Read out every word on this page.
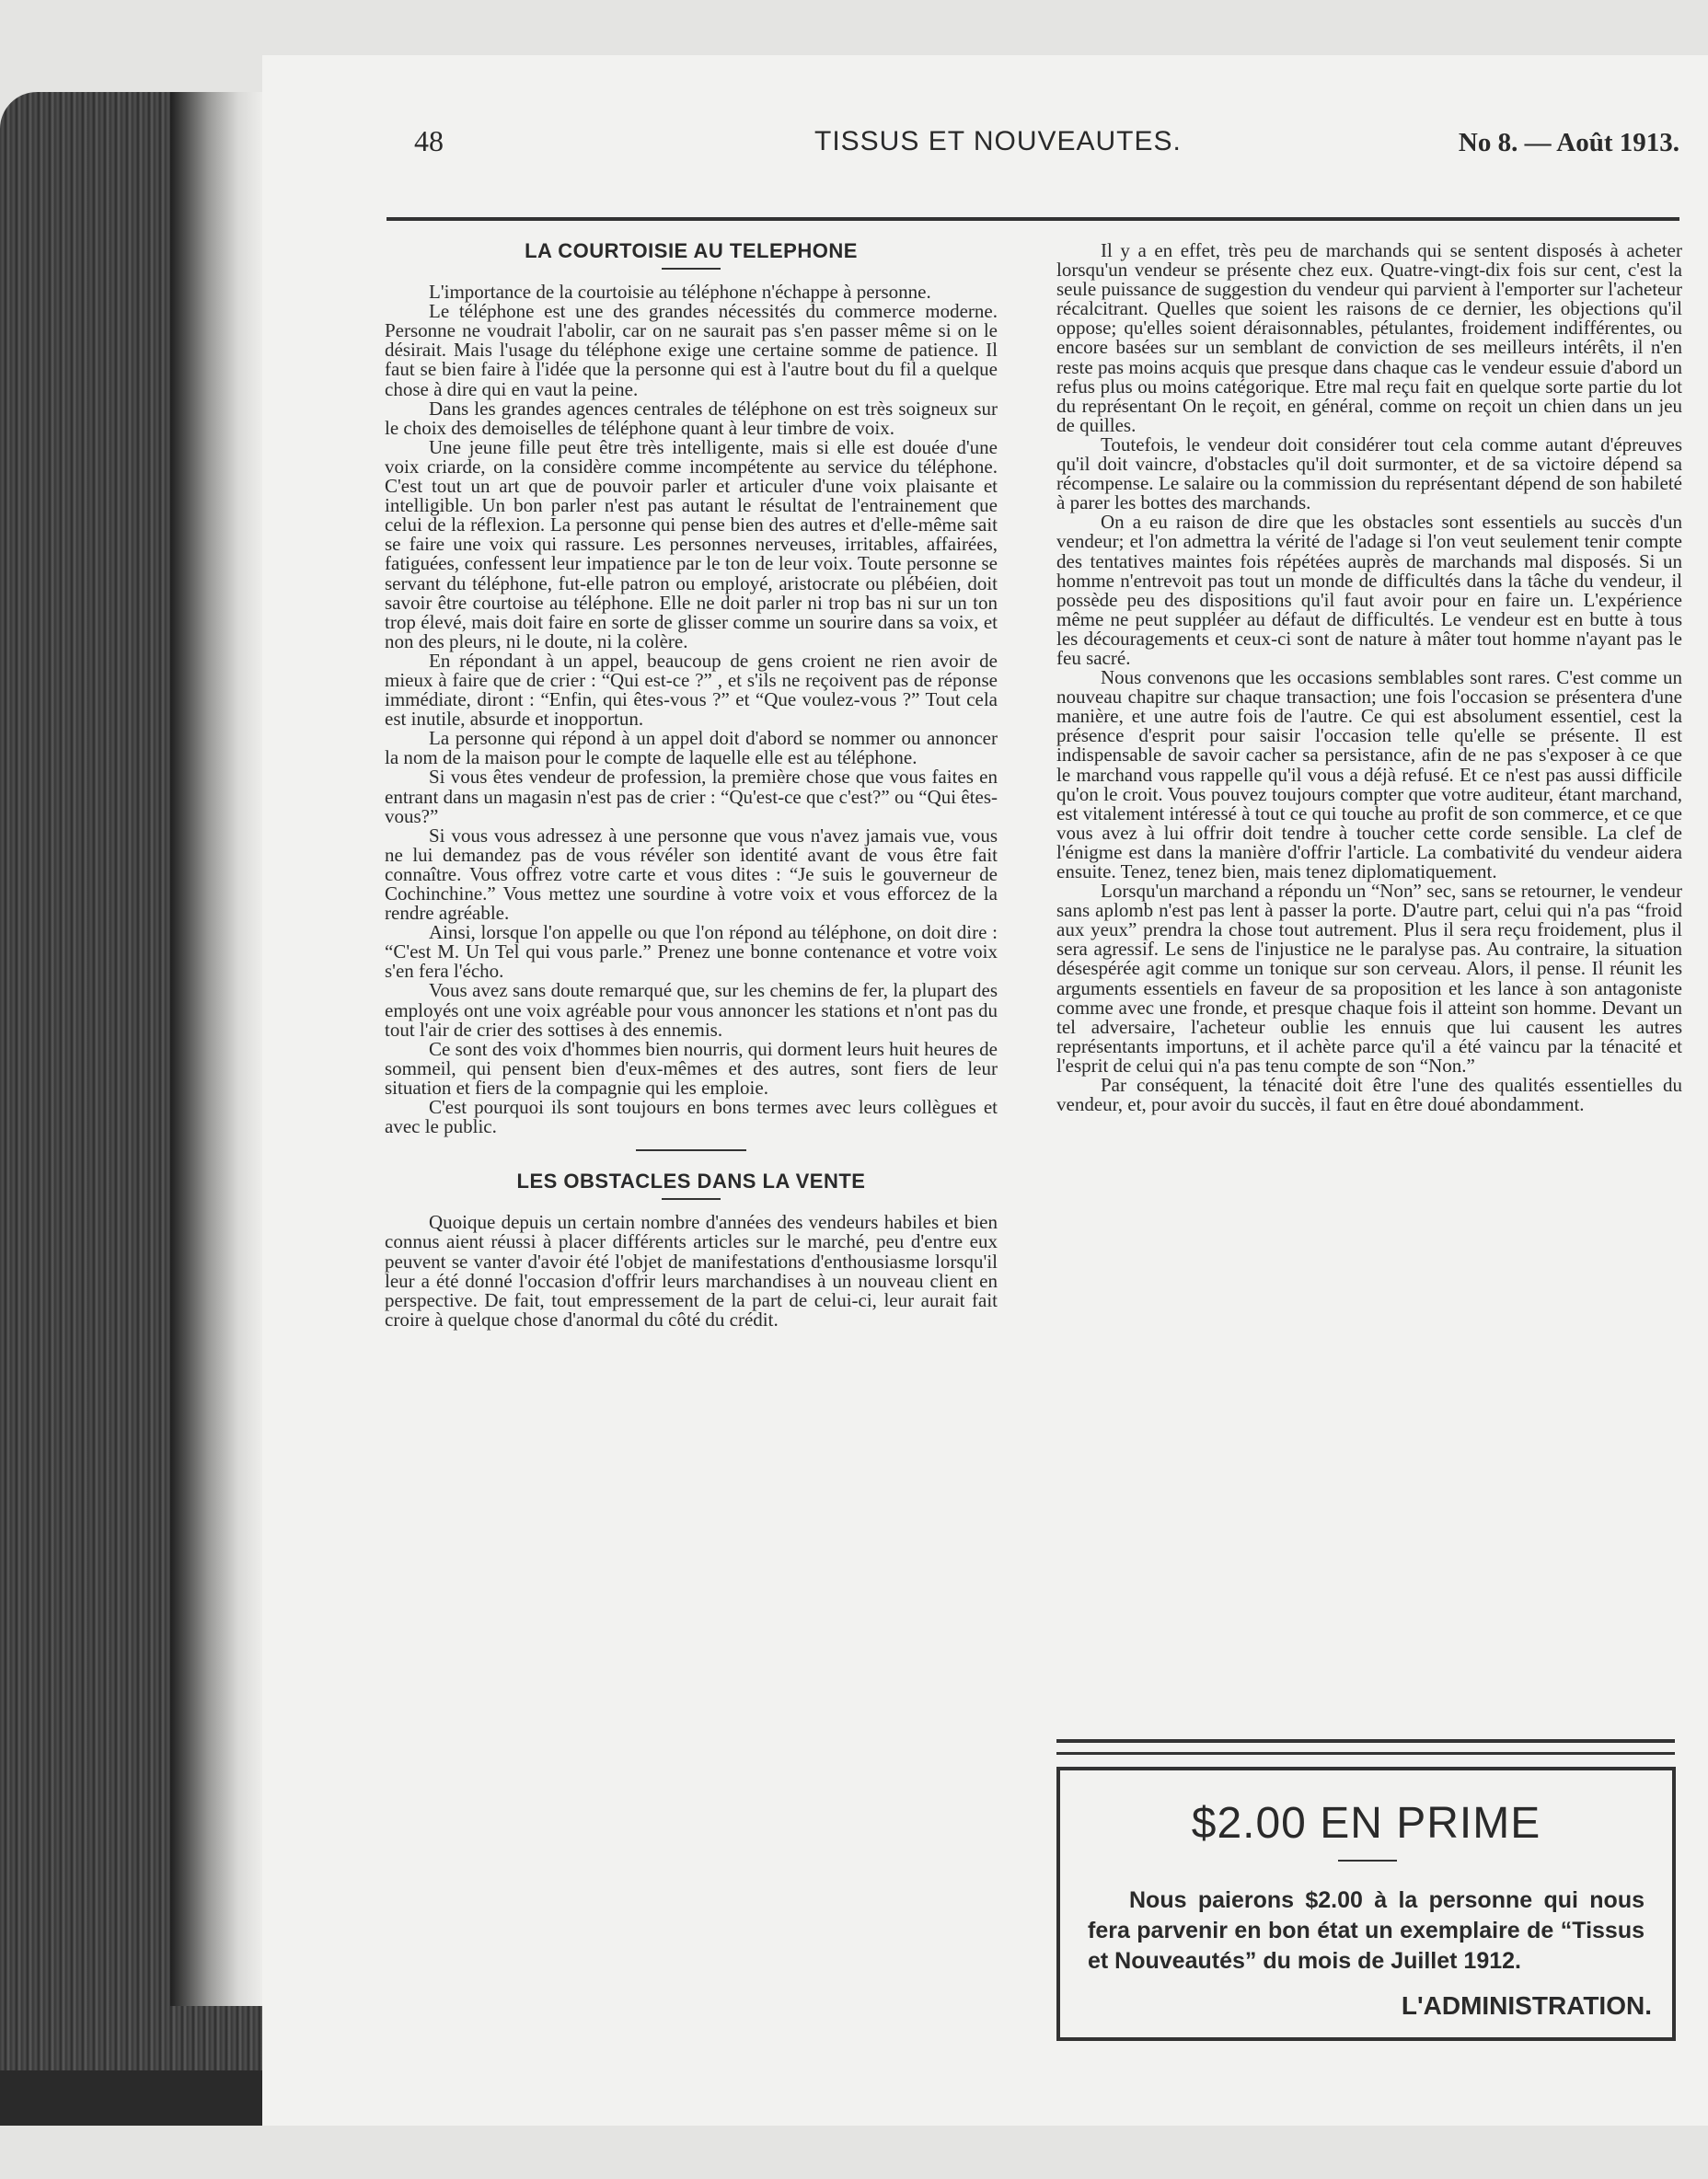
48	TISSUS ET NOUVEAUTES.	No 8. — Août 1913.
LA COURTOISIE AU TELEPHONE

L'importance de la courtoisie au téléphone n'échappe à personne.

Le téléphone est une des grandes nécessités du commerce moderne. Personne ne voudrait l'abolir, car on ne saurait pas s'en passer même si on le désirait. Mais l'usage du téléphone exige une certaine somme de patience. Il faut se bien faire à l'idée que la personne qui est à l'autre bout du fil a quelque chose à dire qui en vaut la peine.

Dans les grandes agences centrales de téléphone on est très soigneux sur le choix des demoiselles de téléphone quant à leur timbre de voix.

Une jeune fille peut être très intelligente, mais si elle est douée d'une voix criarde, on la considère comme incompétente au service du téléphone. C'est tout un art que de pouvoir parler et articuler d'une voix plaisante et intelligible. Un bon parler n'est pas autant le résultat de l'entrainement que celui de la réflexion. La personne qui pense bien des autres et d'elle-même sait se faire une voix qui rassure. Les personnes nerveuses, irritables, affairées, fatiguées, confessent leur impatience par le ton de leur voix. Toute personne se servant du téléphone, fut-elle patron ou employé, aristocrate ou plébéien, doit savoir être courtoise au téléphone. Elle ne doit parler ni trop bas ni sur un ton trop élevé, mais doit faire en sorte de glisser comme un sourire dans sa voix, et non des pleurs, ni le doute, ni la colère.

En répondant à un appel, beaucoup de gens croient ne rien avoir de mieux à faire que de crier : “Qui est-ce ?” , et s'ils ne reçoivent pas de réponse immédiate, diront : “Enfin, qui êtes-vous ?” et “Que voulez-vous ?” Tout cela est inutile, absurde et inopportun.

La personne qui répond à un appel doit d'abord se nommer ou annoncer la nom de la maison pour le compte de laquelle elle est au téléphone.

Si vous êtes vendeur de profession, la première chose que vous faites en entrant dans un magasin n'est pas de crier : “Qu'est-ce que c'est?” ou “Qui êtes-vous?”

Si vous vous adressez à une personne que vous n'avez jamais vue, vous ne lui demandez pas de vous révéler son identité avant de vous être fait connaître. Vous offrez votre carte et vous dites : “Je suis le gouverneur de Cochinchine.” Vous mettez une sourdine à votre voix et vous efforcez de la rendre agréable.

Ainsi, lorsque l'on appelle ou que l'on répond au téléphone, on doit dire : “C'est M. Un Tel qui vous parle.” Prenez une bonne contenance et votre voix s'en fera l'écho.

Vous avez sans doute remarqué que, sur les chemins de fer, la plupart des employés ont une voix agréable pour vous annoncer les stations et n'ont pas du tout l'air de crier des sottises à des ennemis.

Ce sont des voix d'hommes bien nourris, qui dorment leurs huit heures de sommeil, qui pensent bien d'eux-mêmes et des autres, sont fiers de leur situation et fiers de la compagnie qui les emploie.

C'est pourquoi ils sont toujours en bons termes avec leurs collègues et avec le public.

LES OBSTACLES DANS LA VENTE

Quoique depuis un certain nombre d'années des vendeurs habiles et bien connus aient réussi à placer différents articles sur le marché, peu d'entre eux peuvent se vanter d'avoir été l'objet de manifestations d'enthousiasme lorsqu'il leur a été donné l'occasion d'offrir leurs marchandises à un nouveau client en perspective. De fait, tout empressement de la part de celui-ci, leur aurait fait croire à quelque chose d'anormal du côté du crédit.

Il y a en effet, très peu de marchands qui se sentent disposés à acheter lorsqu'un vendeur se présente chez eux. Quatre-vingt-dix fois sur cent, c'est la seule puissance de suggestion du vendeur qui parvient à l'emporter sur l'acheteur récalcitrant. Quelles que soient les raisons de ce dernier, les objections qu'il oppose; qu'elles soient déraisonnables, pétulantes, froidement indifférentes, ou encore basées sur un semblant de conviction de ses meilleurs intérêts, il n'en reste pas moins acquis que presque dans chaque cas le vendeur essuie d'abord un refus plus ou moins catégorique. Etre mal reçu fait en quelque sorte partie du lot du représentant On le reçoit, en général, comme on reçoit un chien dans un jeu de quilles.

Toutefois, le vendeur doit considérer tout cela comme autant d'épreuves qu'il doit vaincre, d'obstacles qu'il doit surmonter, et de sa victoire dépend sa récompense. Le salaire ou la commission du représentant dépend de son habileté à parer les bottes des marchands.

On a eu raison de dire que les obstacles sont essentiels au succès d'un vendeur; et l'on admettra la vérité de l'adage si l'on veut seulement tenir compte des tentatives maintes fois répétées auprès de marchands mal disposés. Si un homme n'entrevoit pas tout un monde de difficultés dans la tâche du vendeur, il possède peu des dispositions qu'il faut avoir pour en faire un. L'expérience même ne peut suppléer au défaut de difficultés. Le vendeur est en butte à tous les découragements et ceux-ci sont de nature à mâter tout homme n'ayant pas le feu sacré.

Nous convenons que les occasions semblables sont rares. C'est comme un nouveau chapitre sur chaque transaction; une fois l'occasion se présentera d'une manière, et une autre fois de l'autre. Ce qui est absolument essentiel, cest la présence d'esprit pour saisir l'occasion telle qu'elle se présente. Il est indispensable de savoir cacher sa persistance, afin de ne pas s'exposer à ce que le marchand vous rappelle qu'il vous a déjà refusé. Et ce n'est pas aussi difficile qu'on le croit. Vous pouvez toujours compter que votre auditeur, étant marchand, est vitalement intéressé à tout ce qui touche au profit de son commerce, et ce que vous avez à lui offrir doit tendre à toucher cette corde sensible. La clef de l'énigme est dans la manière d'offrir l'article. La combativité du vendeur aidera ensuite. Tenez, tenez bien, mais tenez diplomatiquement.

Lorsqu'un marchand a répondu un “Non” sec, sans se retourner, le vendeur sans aplomb n'est pas lent à passer la porte. D'autre part, celui qui n'a pas “froid aux yeux” prendra la chose tout autrement. Plus il sera reçu froidement, plus il sera agressif. Le sens de l'injustice ne le paralyse pas. Au contraire, la situation désespérée agit comme un tonique sur son cerveau. Alors, il pense. Il réunit les arguments essentiels en faveur de sa proposition et les lance à son antagoniste comme avec une fronde, et presque chaque fois il atteint son homme. Devant un tel adversaire, l'acheteur oublie les ennuis que lui causent les autres représentants importuns, et il achète parce qu'il a été vaincu par la ténacité et l'esprit de celui qui n'a pas tenu compte de son “Non.”

Par conséquent, la ténacité doit être l'une des qualités essentielles du vendeur, et, pour avoir du succès, il faut en être doué abondamment.

$2.00 EN PRIME
Nous paierons $2.00 à la personne qui nous fera parvenir en bon état un exemplaire de “Tissus et Nouveautés” du mois de Juillet 1912.
L'ADMINISTRATION.
